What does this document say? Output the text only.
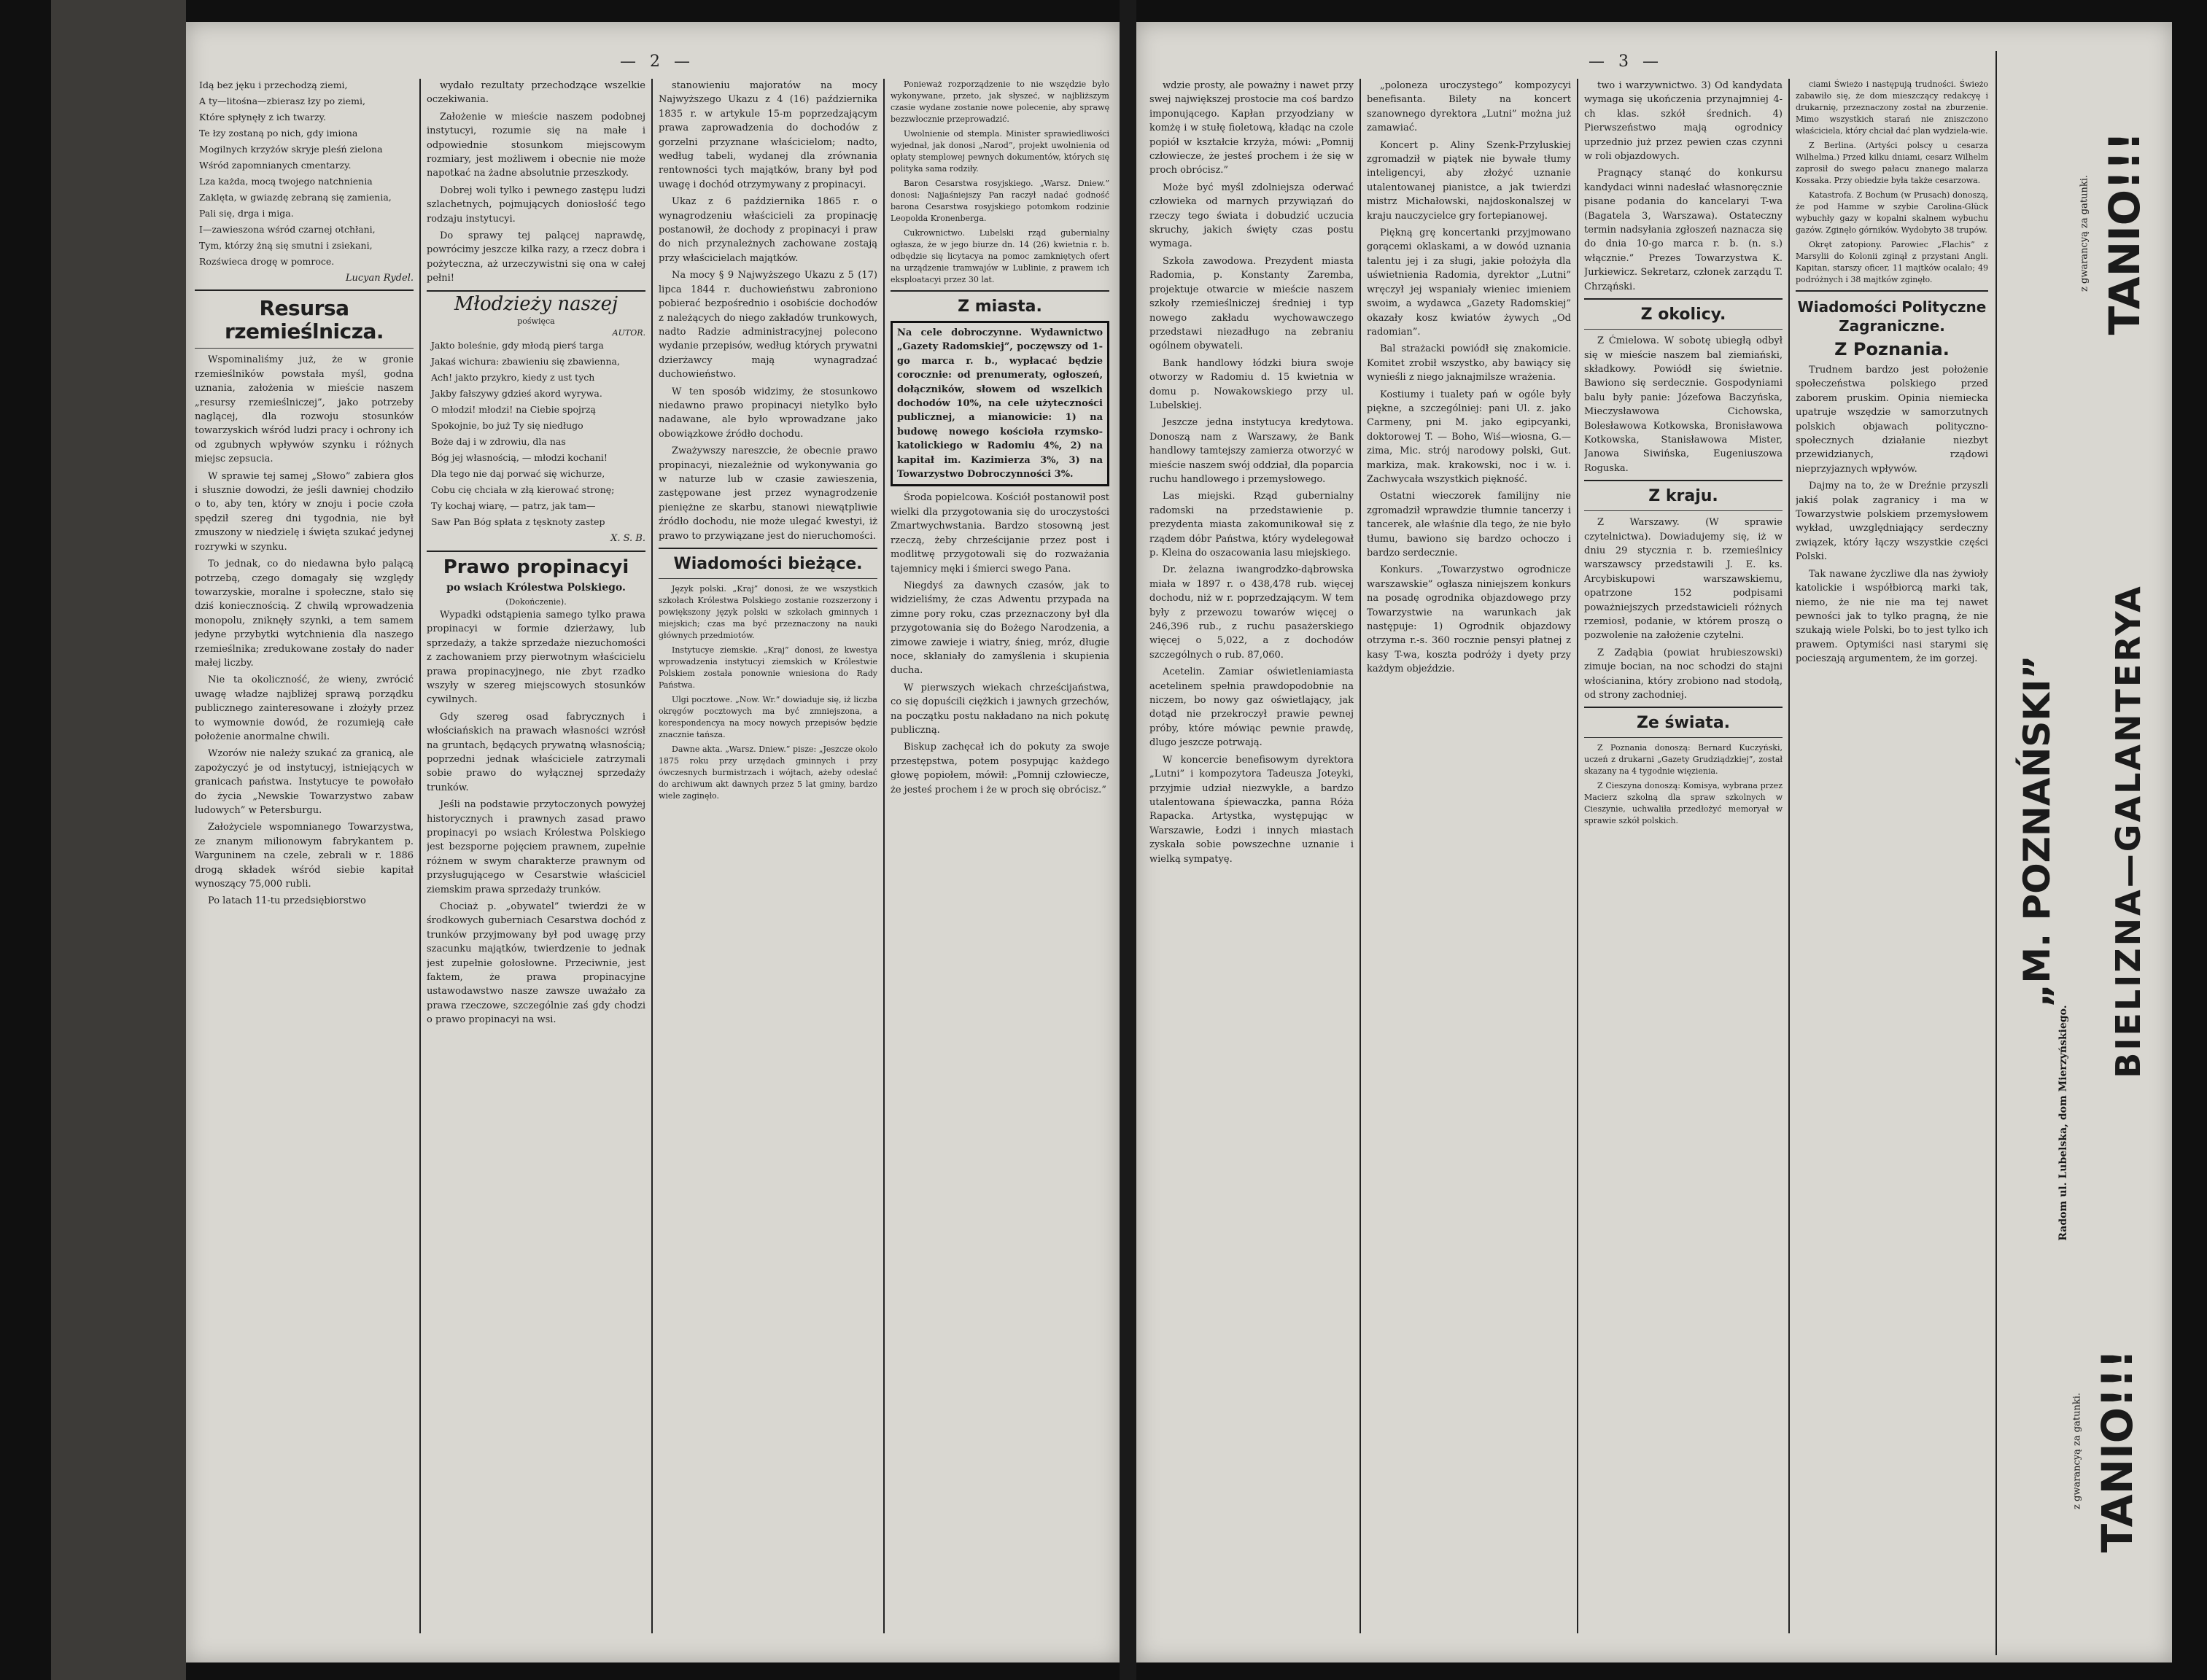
— 2 —

Idą bez jęku i przechodzą ziemi,

A ty—litośna—zbierasz łzy po ziemi,

Które spłynęły z ich twarzy.

Te łzy zostaną po nich, gdy imiona

Mogilnych krzyżów skryje pleśń zielona

Wśród zapomnianych cmentarzy.

Lza każda, mocą twojego natchnienia

Zaklęta, w gwiazdę zebraną się zamienia,

Pali się, drga i miga.

I—zawieszona wśród czarnej otchłani,

Tym, którzy żną się smutni i zsiekani,

Rozświeca drogę w pomroce.

Lucyan Rydel.

Resursa rzemieślnicza.

Wspominaliśmy już, że w gronie rzemieślników powstała myśl, godna uznania, założenia w mieście naszem „resursy rzemieślniczej”, jako potrzeby naglącej, dla rozwoju stosunków towarzyskich wśród ludzi pracy i ochrony ich od zgubnych wpływów szynku i różnych miejsc zepsucia.

W sprawie tej samej „Słowo” zabiera głos i słusznie dowodzi, że jeśli dawniej chodziło o to, aby ten, który w znoju i pocie czoła spędził szereg dni tygodnia, nie był zmuszony w niedzielę i święta szukać jedynej rozrywki w szynku.

To jednak, co do niedawna było palącą potrzebą, czego domagały się względy towarzyskie, moralne i społeczne, stało się dziś koniecznością. Z chwilą wprowadzenia monopolu, zniknęły szynki, a tem samem jedyne przybytki wytchnienia dla naszego rzemieślnika; zredukowane zostały do nader małej liczby.

Nie ta okoliczność, że wieny, zwrócić uwagę władze najbliżej sprawą porządku publicznego zainteresowane i złożyły przez to wymownie dowód, że rozumieją całe położenie anormalne chwili.

Wzorów nie należy szukać za granicą, ale zapożyczyć je od instytucyj, istniejących w granicach państwa. Instytucye te powołało do życia „Newskie Towarzystwo zabaw ludowych” w Petersburgu.

Założyciele wspomnianego Towarzystwa, ze znanym milionowym fabrykantem p. Warguninem na czele, zebrali w r. 1886 drogą składek wśród siebie kapitał wynoszący 75,000 rubli.

Po latach 11-tu przedsiębiorstwo

wydało rezultaty przechodzące wszelkie oczekiwania.

Założenie w mieście naszem podobnej instytucyi, rozumie się na małe i odpowiednie stosunkom miejscowym rozmiary, jest możliwem i obecnie nie może napotkać na żadne absolutnie przeszkody.

Dobrej woli tylko i pewnego zastępu ludzi szlachetnych, pojmujących doniosłość tego rodzaju instytucyi.

Do sprawy tej palącej naprawdę, powrócimy jeszcze kilka razy, a rzecz dobra i pożyteczna, aż urzeczywistni się ona w całej pełni!

Młodzieży naszej
poświęca
AUTOR.

Jakto boleśnie, gdy młodą pierś targa

Jakaś wichura: zbawieniu się zbawienna,

Ach! jakto przykro, kiedy z ust tych

Jakby fałszywy gdzieś akord wyrywa.

O młodzi! młodzi! na Ciebie spojrzą

Spokojnie, bo już Ty się niedługo

Boże daj i w zdrowiu, dla nas

Bóg jej własnością, — młodzi kochani!

Dla tego nie daj porwać się wichurze,

Cobu cię chciała w złą kierować stronę;

Ty kochaj wiarę, — patrz, jak tam—

Saw Pan Bóg spłata z tęsknoty zastep

X. S. B.

Prawo propinacyi
po wsiach Królestwa Polskiego.
(Dokończenie).

Wypadki odstąpienia samego tylko prawa propinacyi w formie dzierżawy, lub sprzedaży, a także sprzedaże niezuchomości z zachowaniem przy pierwotnym właścicielu prawa propinacyjnego, nie zbyt rzadko wszyły w szereg miejscowych stosunków cywilnych.

Gdy szereg osad fabrycznych i włościańskich na prawach własności wzrósł na gruntach, będących prywatną własnością; poprzedni jednak właściciele zatrzymali sobie prawo do wyłącznej sprzedaży trunków.

Jeśli na podstawie przytoczonych powyżej historycznych i prawnych zasad prawo propinacyi po wsiach Królestwa Polskiego jest bezsporne pojęciem prawnem, zupełnie różnem w swym charakterze prawnym od przysługującego w Cesarstwie właściciel ziemskim prawa sprzedaży trunków.

Chociaż p. „obywatel” twierdzi że w środkowych guberniach Cesarstwa dochód z trunków przyjmowany był pod uwagę przy szacunku majątków, twierdzenie to jednak jest zupełnie gołosłowne. Przeciwnie, jest faktem, że prawa propinacyjne ustawodawstwo nasze zawsze uważało za prawa rzeczowe, szczególnie zaś gdy chodzi o prawo propinacyi na wsi.

stanowieniu majoratów na mocy Najwyższego Ukazu z 4 (16) października 1835 r. w artykule 15-m poprzedzającym prawa zaprowadzenia do dochodów z gorzelni przyznane właścicielom; nadto, według tabeli, wydanej dla zrównania rentowności tych majątków, brany był pod uwagę i dochód otrzymywany z propinacyi.

Ukaz z 6 października 1865 r. o wynagrodzeniu właścicieli za propinację postanowił, że dochody z propinacyi i praw do nich przynależnych zachowane zostają przy właścicielach majątków.

Na mocy § 9 Najwyższego Ukazu z 5 (17) lipca 1844 r. duchowieństwu zabroniono pobierać bezpośrednio i osobiście dochodów z należących do niego zakładów trunkowych, nadto Radzie administracyjnej polecono wydanie przepisów, według których prywatni dzierżawcy mają wynagradzać duchowieństwo.

W ten sposób widzimy, że stosunkowo niedawno prawo propinacyi nietylko było nadawane, ale było wprowadzane jako obowiązkowe źródło dochodu.

Zważywszy nareszcie, że obecnie prawo propinacyi, niezależnie od wykonywania go w naturze lub w czasie zawieszenia, zastępowane jest przez wynagrodzenie pieniężne ze skarbu, stanowi niewątpliwie źródło dochodu, nie może ulegać kwestyi, iż prawo to przywiązane jest do nieruchomości.

Wiadomości bieżące.

Język polski. „Kraj” donosi, że we wszystkich szkołach Królestwa Polskiego zostanie rozszerzony i powiększony język polski w szkołach gminnych i miejskich; czas ma być przeznaczony na nauki głównych przedmiotów.

Instytucye ziemskie. „Kraj” donosi, że kwestya wprowadzenia instytucyi ziemskich w Królestwie Polskiem została ponownie wniesiona do Rady Państwa.

Ulgi pocztowe. „Now. Wr.” dowiaduje się, iż liczba okręgów pocztowych ma być zmniejszona, a korespondencya na mocy nowych przepisów będzie znacznie tańsza.

Dawne akta. „Warsz. Dniew.” pisze: „Jeszcze około 1875 roku przy urzędach gminnych i przy ówczesnych burmistrzach i wójtach, ażeby odesłać do archiwum akt dawnych przez 5 lat gminy, bardzo wiele zaginęło.

Ponieważ rozporządzenie to nie wszędzie było wykonywane, przeto, jak słyszeć, w najbliższym czasie wydane zostanie nowe polecenie, aby sprawę bezzwłocznie przeprowadzić.

Uwolnienie od stempla. Minister sprawiedliwości wyjednał, jak donosi „Narod”, projekt uwolnienia od opłaty stemplowej pewnych dokumentów, których się polityka sama rodziły.

Baron Cesarstwa rosyjskiego. „Warsz. Dniew.” donosi: Najjaśniejszy Pan raczył nadać godność barona Cesarstwa rosyjskiego potomkom rodzinie Leopolda Kronenberga.

Cukrownictwo. Lubelski rząd gubernialny ogłasza, że w jego biurze dn. 14 (26) kwietnia r. b. odbędzie się licytacya na pomoc zamkniętych ofert na urządzenie tramwajów w Lublinie, z prawem ich eksploatacyi przez 30 lat.

Z miasta.
Na cele dobroczynne. Wydawnictwo „Gazety Radomskiej”, poczęwszy od 1-go marca r. b., wypłacać będzie corocznie: od prenumeraty, ogłoszeń, dołączników, słowem od wszelkich dochodów 10%, na cele użyteczności publicznej, a mianowicie: 1) na budowę nowego kościoła rzymsko-katolickiego w Radomiu 4%, 2) na kapitał im. Kazimierza 3%, 3) na Towarzystwo Dobroczynności 3%.

Środa popielcowa. Kościół postanowił post wielki dla przygotowania się do uroczystości Zmartwychwstania. Bardzo stosowną jest rzeczą, żeby chrześcijanie przez post i modlitwę przygotowali się do rozważania tajemnicy męki i śmierci swego Pana.

Niegdyś za dawnych czasów, jak to widzieliśmy, że czas Adwentu przypada na zimne pory roku, czas przeznaczony był dla przygotowania się do Bożego Narodzenia, a zimowe zawieje i wiatry, śnieg, mróz, długie noce, skłaniały do zamyślenia i skupienia ducha.

W pierwszych wiekach chrześcijaństwa, co się dopuścili ciężkich i jawnych grzechów, na początku postu nakładano na nich pokutę publiczną.

Biskup zachęcał ich do pokuty za swoje przestępstwa, potem posypując każdego głowę popiołem, mówił: „Pomnij człowiecze, że jesteś prochem i że w proch się obrócisz.”

— 3 —

wdzie prosty, ale poważny i nawet przy swej największej prostocie ma coś bardzo imponującego. Kapłan przyodziany w komżę i w stułę fioletową, kładąc na czole popiół w kształcie krzyża, mówi: „Pomnij człowiecze, że jesteś prochem i że się w proch obrócisz.”

Może być myśl zdolniejsza oderwać człowieka od marnych przywiązań do rzeczy tego świata i dobudzić uczucia skruchy, jakich święty czas postu wymaga.

Szkoła zawodowa. Prezydent miasta Radomia, p. Konstanty Zaremba, projektuje otwarcie w mieście naszem szkoły rzemieślniczej średniej i typ nowego zakładu wychowawczego przedstawi niezadługo na zebraniu ogólnem obywateli.

Bank handlowy łódzki biura swoje otworzy w Radomiu d. 15 kwietnia w domu p. Nowakowskiego przy ul. Lubelskiej.

Jeszcze jedna instytucya kredytowa. Donoszą nam z Warszawy, że Bank handlowy tamtejszy zamierza otworzyć w mieście naszem swój oddział, dla poparcia ruchu handlowego i przemysłowego.

Las miejski. Rząd gubernialny radomski na przedstawienie p. prezydenta miasta zakomunikował się z rządem dóbr Państwa, który wydelegował p. Kleina do oszacowania lasu miejskiego.

Dr. żelazna iwangrodzko-dąbrowska miała w 1897 r. o 438,478 rub. więcej dochodu, niż w r. poprzedzającym. W tem były z przewozu towarów więcej o 246,396 rub., z ruchu pasażerskiego więcej o 5,022, a z dochodów szczególnych o rub. 87,060.

Acetelin. Zamiar oświetleniamiasta acetelinem spełnia prawdopodobnie na niczem, bo nowy gaz oświetlający, jak dotąd nie przekroczył prawie pewnej próby, które mówiąc pewnie prawdę, dlugo jeszcze potrwają.

W koncercie benefisowym dyrektora „Lutni” i kompozytora Tadeusza Joteyki, przyjmie udział niezwykle, a bardzo utalentowana śpiewaczka, panna Róża Rapacka. Artystka, występując w Warszawie, Łodzi i innych miastach zyskała sobie powszechne uznanie i wielką sympatyę.

„poloneza uroczystego” kompozycyi benefisanta. Bilety na koncert szanownego dyrektora „Lutni” można już zamawiać.

Koncert p. Aliny Szenk-Przyluskiej zgromadził w piątek nie bywałe tłumy inteligencyi, aby złożyć uznanie utalentowanej pianistce, a jak twierdzi mistrz Michałowski, najdoskonalszej w kraju nauczycielce gry fortepianowej.

Piękną grę koncertanki przyjmowano gorącemi oklaskami, a w dowód uznania talentu jej i za sługi, jakie położyła dla uświetnienia Radomia, dyrektor „Lutni” wręczył jej wspaniały wieniec imieniem swoim, a wydawca „Gazety Radomskiej” okazały kosz kwiatów żywych „Od radomian”.

Bal strażacki powiódł się znakomicie. Komitet zrobił wszystko, aby bawiący się wynieśli z niego jaknajmilsze wrażenia.

Kostiumy i tualety pań w ogóle były piękne, a szczególniej: pani Ul. z. jako Carmeny, pni M. jako egipcyanki, doktorowej T. — Boho, Wiś—wiosna, G.—zima, Mic. strój narodowy polski, Gut. markiza, mak. krakowski, noc i w. i. Zachwycała wszystkich piękność.

Ostatni wieczorek familijny nie zgromadził wprawdzie tłumnie tancerzy i tancerek, ale właśnie dla tego, że nie było tłumu, bawiono się bardzo ochoczo i bardzo serdecznie.

Konkurs. „Towarzystwo ogrodnicze warszawskie” ogłasza niniejszem konkurs na posadę ogrodnika objazdowego przy Towarzystwie na warunkach jak następuje: 1) Ogrodnik objazdowy otrzyma r.-s. 360 rocznie pensyi płatnej z kasy T-wa, koszta podróży i dyety przy każdym objeździe.

two i warzywnictwo. 3) Od kandydata wymaga się ukończenia przynajmniej 4-ch klas. szkół średnich. 4) Pierwszeństwo mają ogrodnicy uprzednio już przez pewien czas czynni w roli objazdowych.

Pragnący stanąć do konkursu kandydaci winni nadesłać własnoręcznie pisane podania do kancelaryi T-wa (Bagatela 3, Warszawa). Ostateczny termin nadsyłania zgłoszeń naznacza się do dnia 10-go marca r. b. (n. s.) włącznie.” Prezes Towarzystwa K. Jurkiewicz. Sekretarz, członek zarządu T. Chrząński.

Z okolicy.

Z Ćmielowa. W sobotę ubiegłą odbył się w mieście naszem bal ziemiański, składkowy. Powiódł się świetnie. Bawiono się serdecznie. Gospodyniami balu były panie: Józefowa Baczyńska, Mieczysławowa Cichowska, Bolesławowa Kotkowska, Bronisławowa Kotkowska, Stanisławowa Mister, Janowa Siwińska, Eugeniuszowa Roguska.

Z kraju.

Z Warszawy. (W sprawie czytelnictwa). Dowiadujemy się, iż w dniu 29 stycznia r. b. rzemieślnicy warszawscy przedstawili J. E. ks. Arcybiskupowi warszawskiemu, opatrzone 152 podpisami poważniejszych przedstawicieli różnych rzemiosł, podanie, w którem proszą o pozwolenie na założenie czytelni.

Z Zadąbia (powiat hrubieszowski) zimuje bocian, na noc schodzi do stajni włościanina, który zrobiono nad stodołą, od strony zachodniej.

Ze świata.

Z Poznania donoszą: Bernard Kuczyński, uczeń z drukarni „Gazety Grudziądzkiej”, został skazany na 4 tygodnie więzienia.

Z Cieszyna donoszą: Komisya, wybrana przez Macierz szkolną dla spraw szkolnych w Cieszynie, uchwaliła przedłożyć memoryał w sprawie szkół polskich.

ciami Świeżo i następują trudności. Świeżo zabawiło się, że dom mieszczący redakcyę i drukarnię, przeznaczony został na zburzenie. Mimo wszystkich starań nie zniszczono właściciela, który chciał dać plan wydziela-wie.

Z Berlina. (Artyści polscy u cesarza Wilhelma.) Przed kilku dniami, cesarz Wilhelm zaprosił do swego pałacu znanego malarza Kossaka. Przy obiedzie była także cesarzowa.

Katastrofa. Z Bochum (w Prusach) donoszą, że pod Hamme w szybie Carolina-Glück wybuchły gazy w kopalni skalnem wybuchu gazów. Zginęło górników. Wydobyto 38 trupów.

Okręt zatopiony. Parowiec „Flachis” z Marsylii do Kolonii zginął z przystani Angli. Kapitan, starszy oficer, 11 majtków ocalało; 49 podróżnych i 38 majtków zginęło.

Wiadomości Polityczne Zagraniczne.
Z Poznania.

Trudnem bardzo jest położenie społeczeństwa polskiego przed zaborem pruskim. Opinia niemiecka upatruje wszędzie w samorzutnych polskich objawach polityczno-społecznych działanie niezbyt przewidzianych, rządowi nieprzyjaznych wpływów.

Dajmy na to, że w Dreźnie przyszli jakiś polak zagranicy i ma w Towarzystwie polskiem przemysłowem wykład, uwzględniający serdeczny związek, który łączy wszystkie części Polski.

Tak nawane życzliwe dla nas żywioły katolickie i współbiorcą marki tak, niemo, że nie nie ma tej nawet pewności jak to tylko pragną, że nie szukają wiele Polski, bo to jest tylko ich prawem. Optymiści nasi starymi się pocieszają argumentem, że im gorzej.

TANIO!!!
z gwarancyą za gatunki.
BIELIZNA—GALANTERYA
„M. POZNAŃSKI”
Radom ul. Lubelska, dom Mierzyńskiego.
TANIO!!!
z gwarancyą za gatunki.
